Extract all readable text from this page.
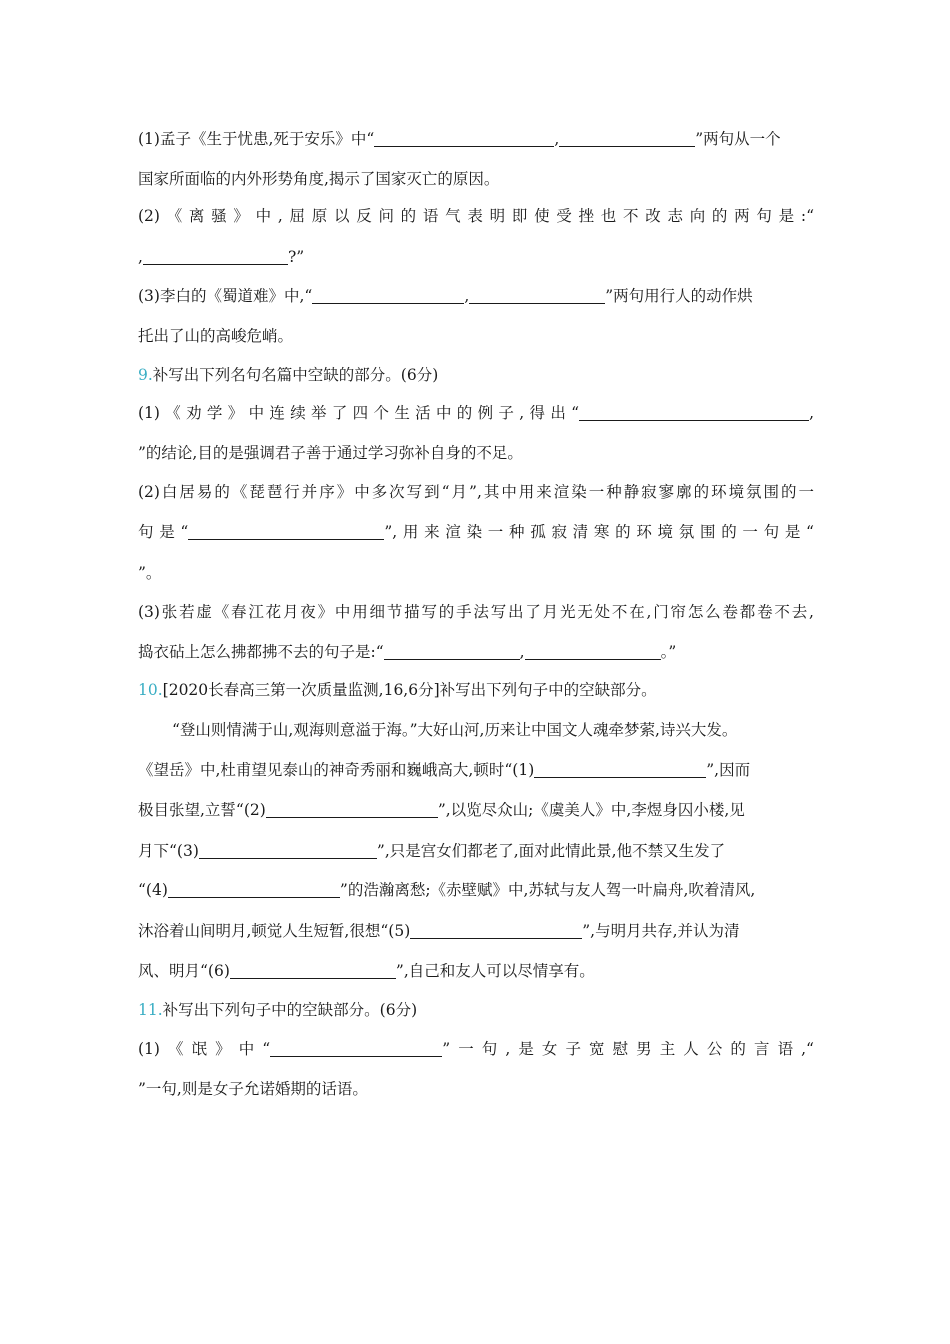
(1)孟子《生于忧患,死于安乐》中“	,	”两句从一个
国家所面临的内外形势角度,揭示了国家灭亡的原因。
(2)《离骚》中,屈原以反问的语气表明即使受挫也不改志向的两句是:“
,	?”
(3)李白的《蜀道难》中,“	,	”两句用行人的动作烘
托出了山的高峻危峭。
9.补写出下列名句名篇中空缺的部分。(6分)
(1)《劝学》中连续举了四个生活中的例子,得出“	,
”的结论,目的是强调君子善于通过学习弥补自身的不足。
(2)白居易的《琵琶行并序》中多次写到“月”,其中用来渲染一种静寂寥廓的环境氛围的一
句是“	”,用来渲染一种孤寂清寒的环境氛围的一句是“
”。
(3)张若虚《春江花月夜》中用细节描写的手法写出了月光无处不在,门帘怎么卷都卷不去,
捣衣砧上怎么拂都拂不去的句子是:“	,	。”
10.[2020长春高三第一次质量监测,16,6分]补写出下列句子中的空缺部分。
“登山则情满于山,观海则意溢于海。”大好山河,历来让中国文人魂牵梦萦,诗兴大发。
《望岳》中,杜甫望见泰山的神奇秀丽和巍峨高大,顿时“(1)	”,因而
极目张望,立誓“(2)	”,以览尽众山;《虞美人》中,李煜身囚小楼,见
月下“(3)	”,只是宫女们都老了,面对此情此景,他不禁又生发了
“(4)	”的浩瀚离愁;《赤壁赋》中,苏轼与友人驾一叶扁舟,吹着清风,
沐浴着山间明月,顿觉人生短暂,很想“(5)	”,与明月共存,并认为清
风、明月“(6)	”,自己和友人可以尽情享有。
11.补写出下列句子中的空缺部分。(6分)
(1)《氓》中“	”一句,是女子宽慰男主人公的言语,“
”一句,则是女子允诺婚期的话语。
